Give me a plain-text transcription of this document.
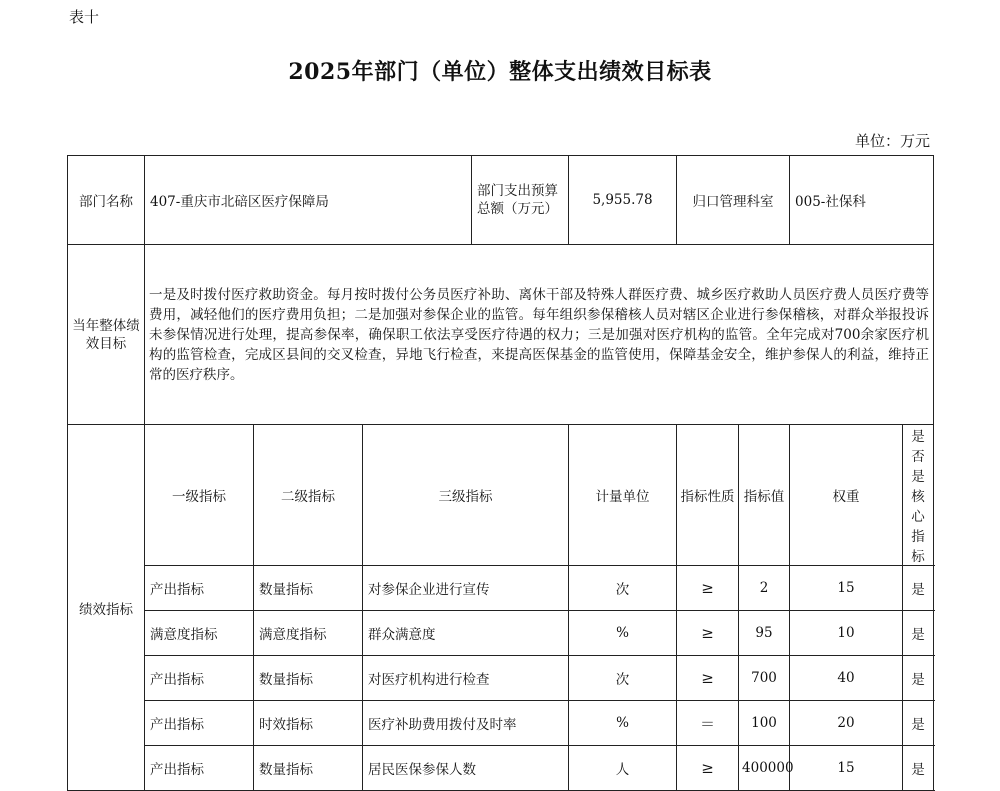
表十
2025年部门（单位）整体支出绩效目标表
单位：万元
部门名称	407-重庆市北碚区医疗保障局			部门支出预算总额（万元）	5,955.78	归口管理科室		005-社保科	
当年整体绩效目标	一是及时拨付医疗救助资金。每月按时拨付公务员医疗补助、离休干部及特殊人群医疗费、城乡医疗救助人员医疗费人员医疗费等费用，减轻他们的医疗费用负担；二是加强对参保企业的监管。每年组织参保稽核人员对辖区企业进行参保稽核，对群众举报投诉未参保情况进行处理，提高参保率，确保职工依法享受医疗待遇的权力；三是加强对医疗机构的监管。全年完成对700余家医疗机构的监管检查，完成区县间的交叉检查，异地飞行检查，来提高医保基金的监管使用，保障基金安全，维护参保人的利益，维持正常的医疗秩序。								
绩效指标	一级指标	二级指标	三级指标		计量单位	指标性质	指标值	权重	是否是核心指标
	产出指标	数量指标	对参保企业进行宣传		次	≥	2	15	是
	满意度指标	满意度指标	群众满意度		%	≥	95	10	是
	产出指标	数量指标	对医疗机构进行检查		次	≥	700	40	是
	产出指标	时效指标	医疗补助费用拨付及时率		%	＝	100	20	是
	产出指标	数量指标	居民医保参保人数		人	≥	400000	15	是
